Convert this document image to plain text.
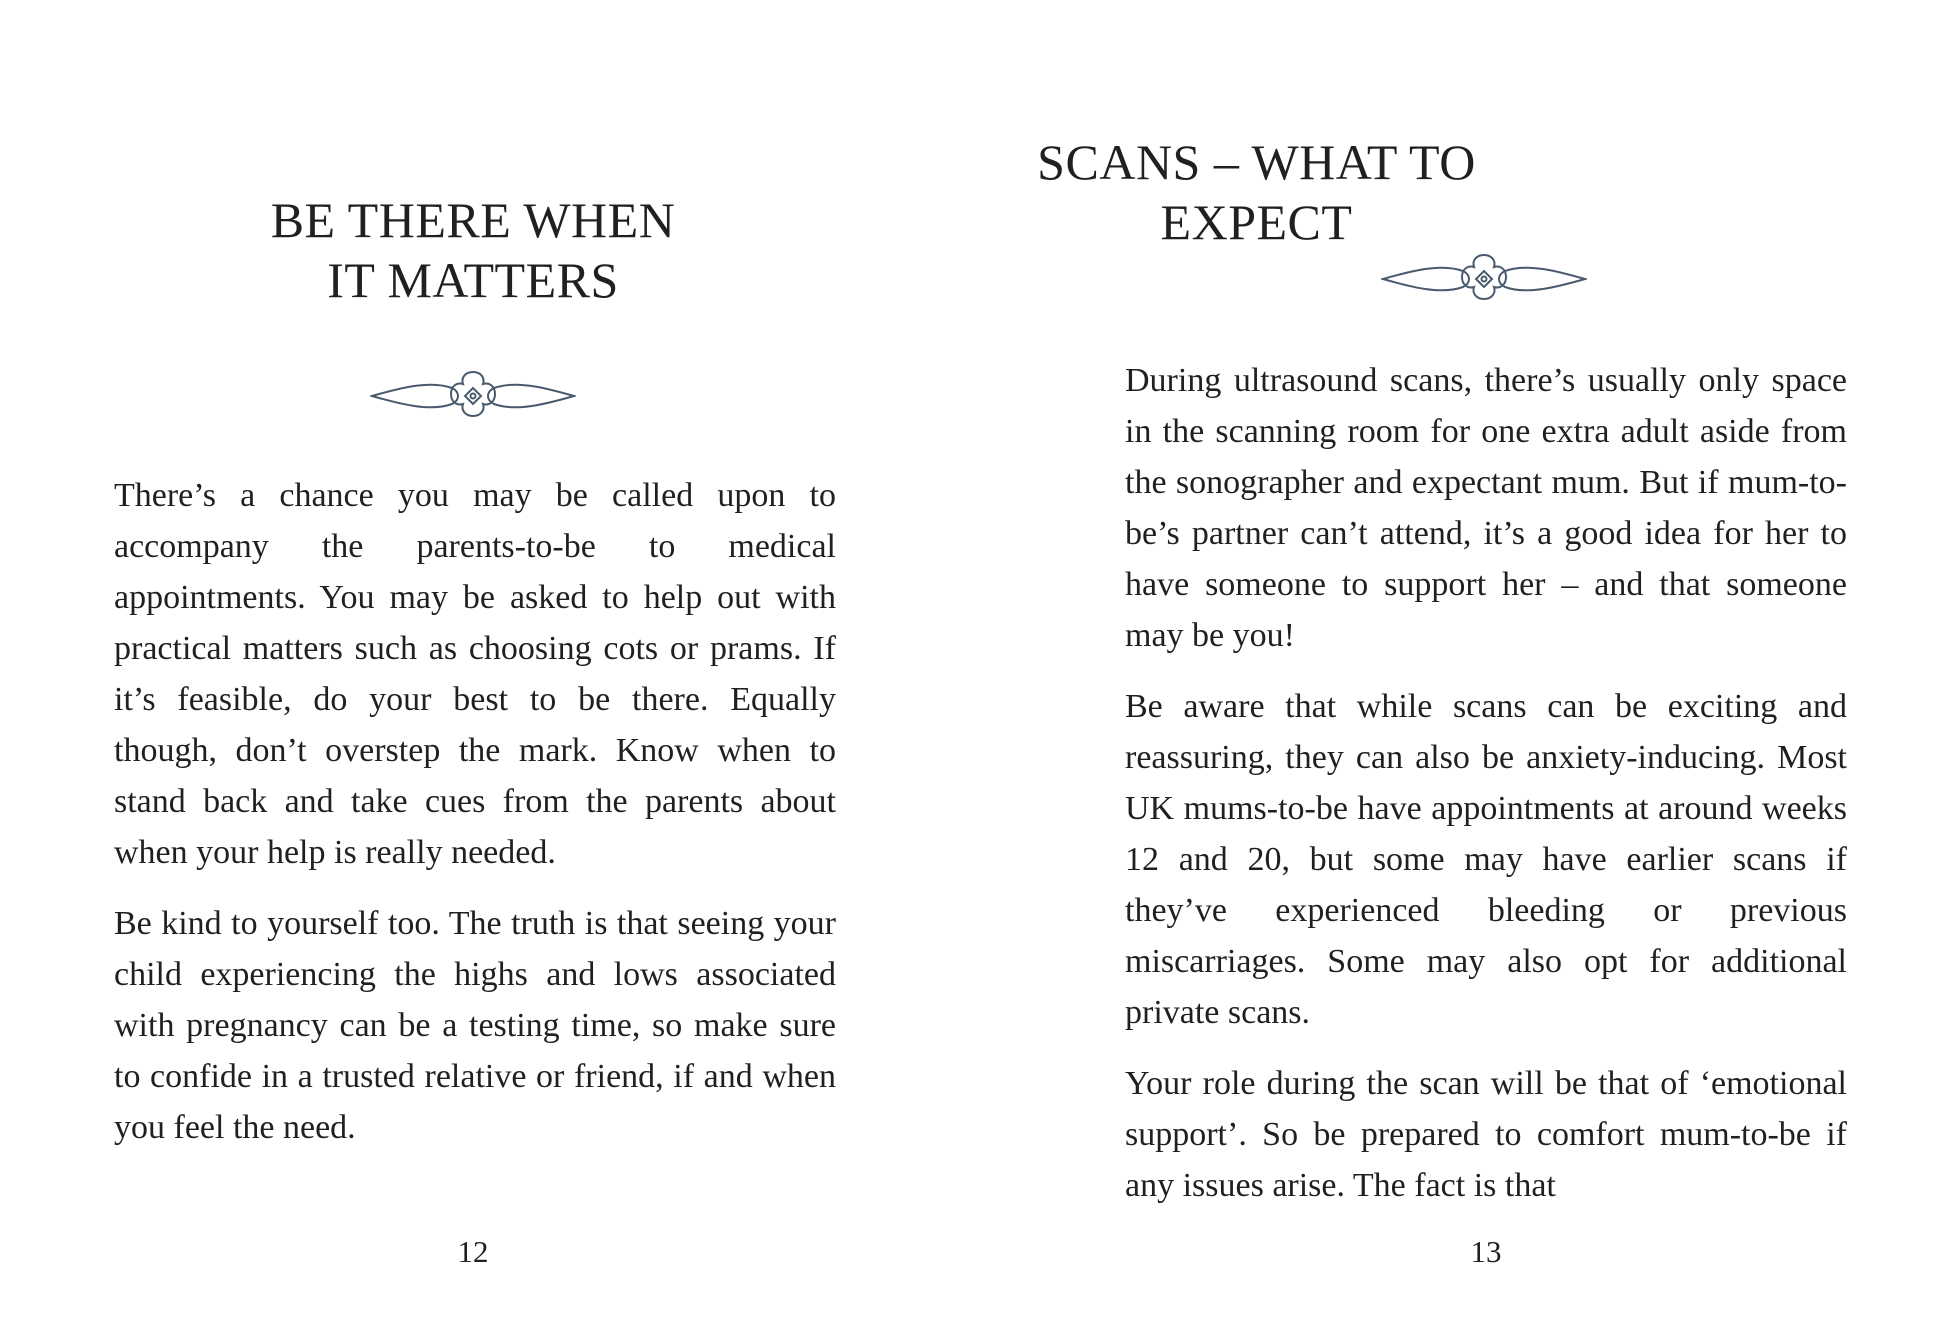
BE THERE WHEN
IT MATTERS

There’s a chance you may be called upon to accompany the parents-to-be to medical appointments. You may be asked to help out with practical matters such as choosing cots or prams. If it’s feasible, do your best to be there. Equally though, don’t overstep the mark. Know when to stand back and take cues from the parents about when your help is really needed.

Be kind to yourself too. The truth is that seeing your child experiencing the highs and lows associated with pregnancy can be a testing time, so make sure to confide in a trusted relative or friend, if and when you feel the need.

12
SCANS – WHAT TO EXPECT

During ultrasound scans, there’s usually only space in the scanning room for one extra adult aside from the sonographer and expectant mum. But if mum-to-be’s partner can’t attend, it’s a good idea for her to have someone to support her – and that someone may be you!

Be aware that while scans can be exciting and reassuring, they can also be anxiety-inducing. Most UK mums-to-be have appointments at around weeks 12 and 20, but some may have earlier scans if they’ve experienced bleeding or previous miscarriages. Some may also opt for additional private scans.

Your role during the scan will be that of ‘emotional support’. So be prepared to comfort mum-to-be if any issues arise. The fact is that

13
